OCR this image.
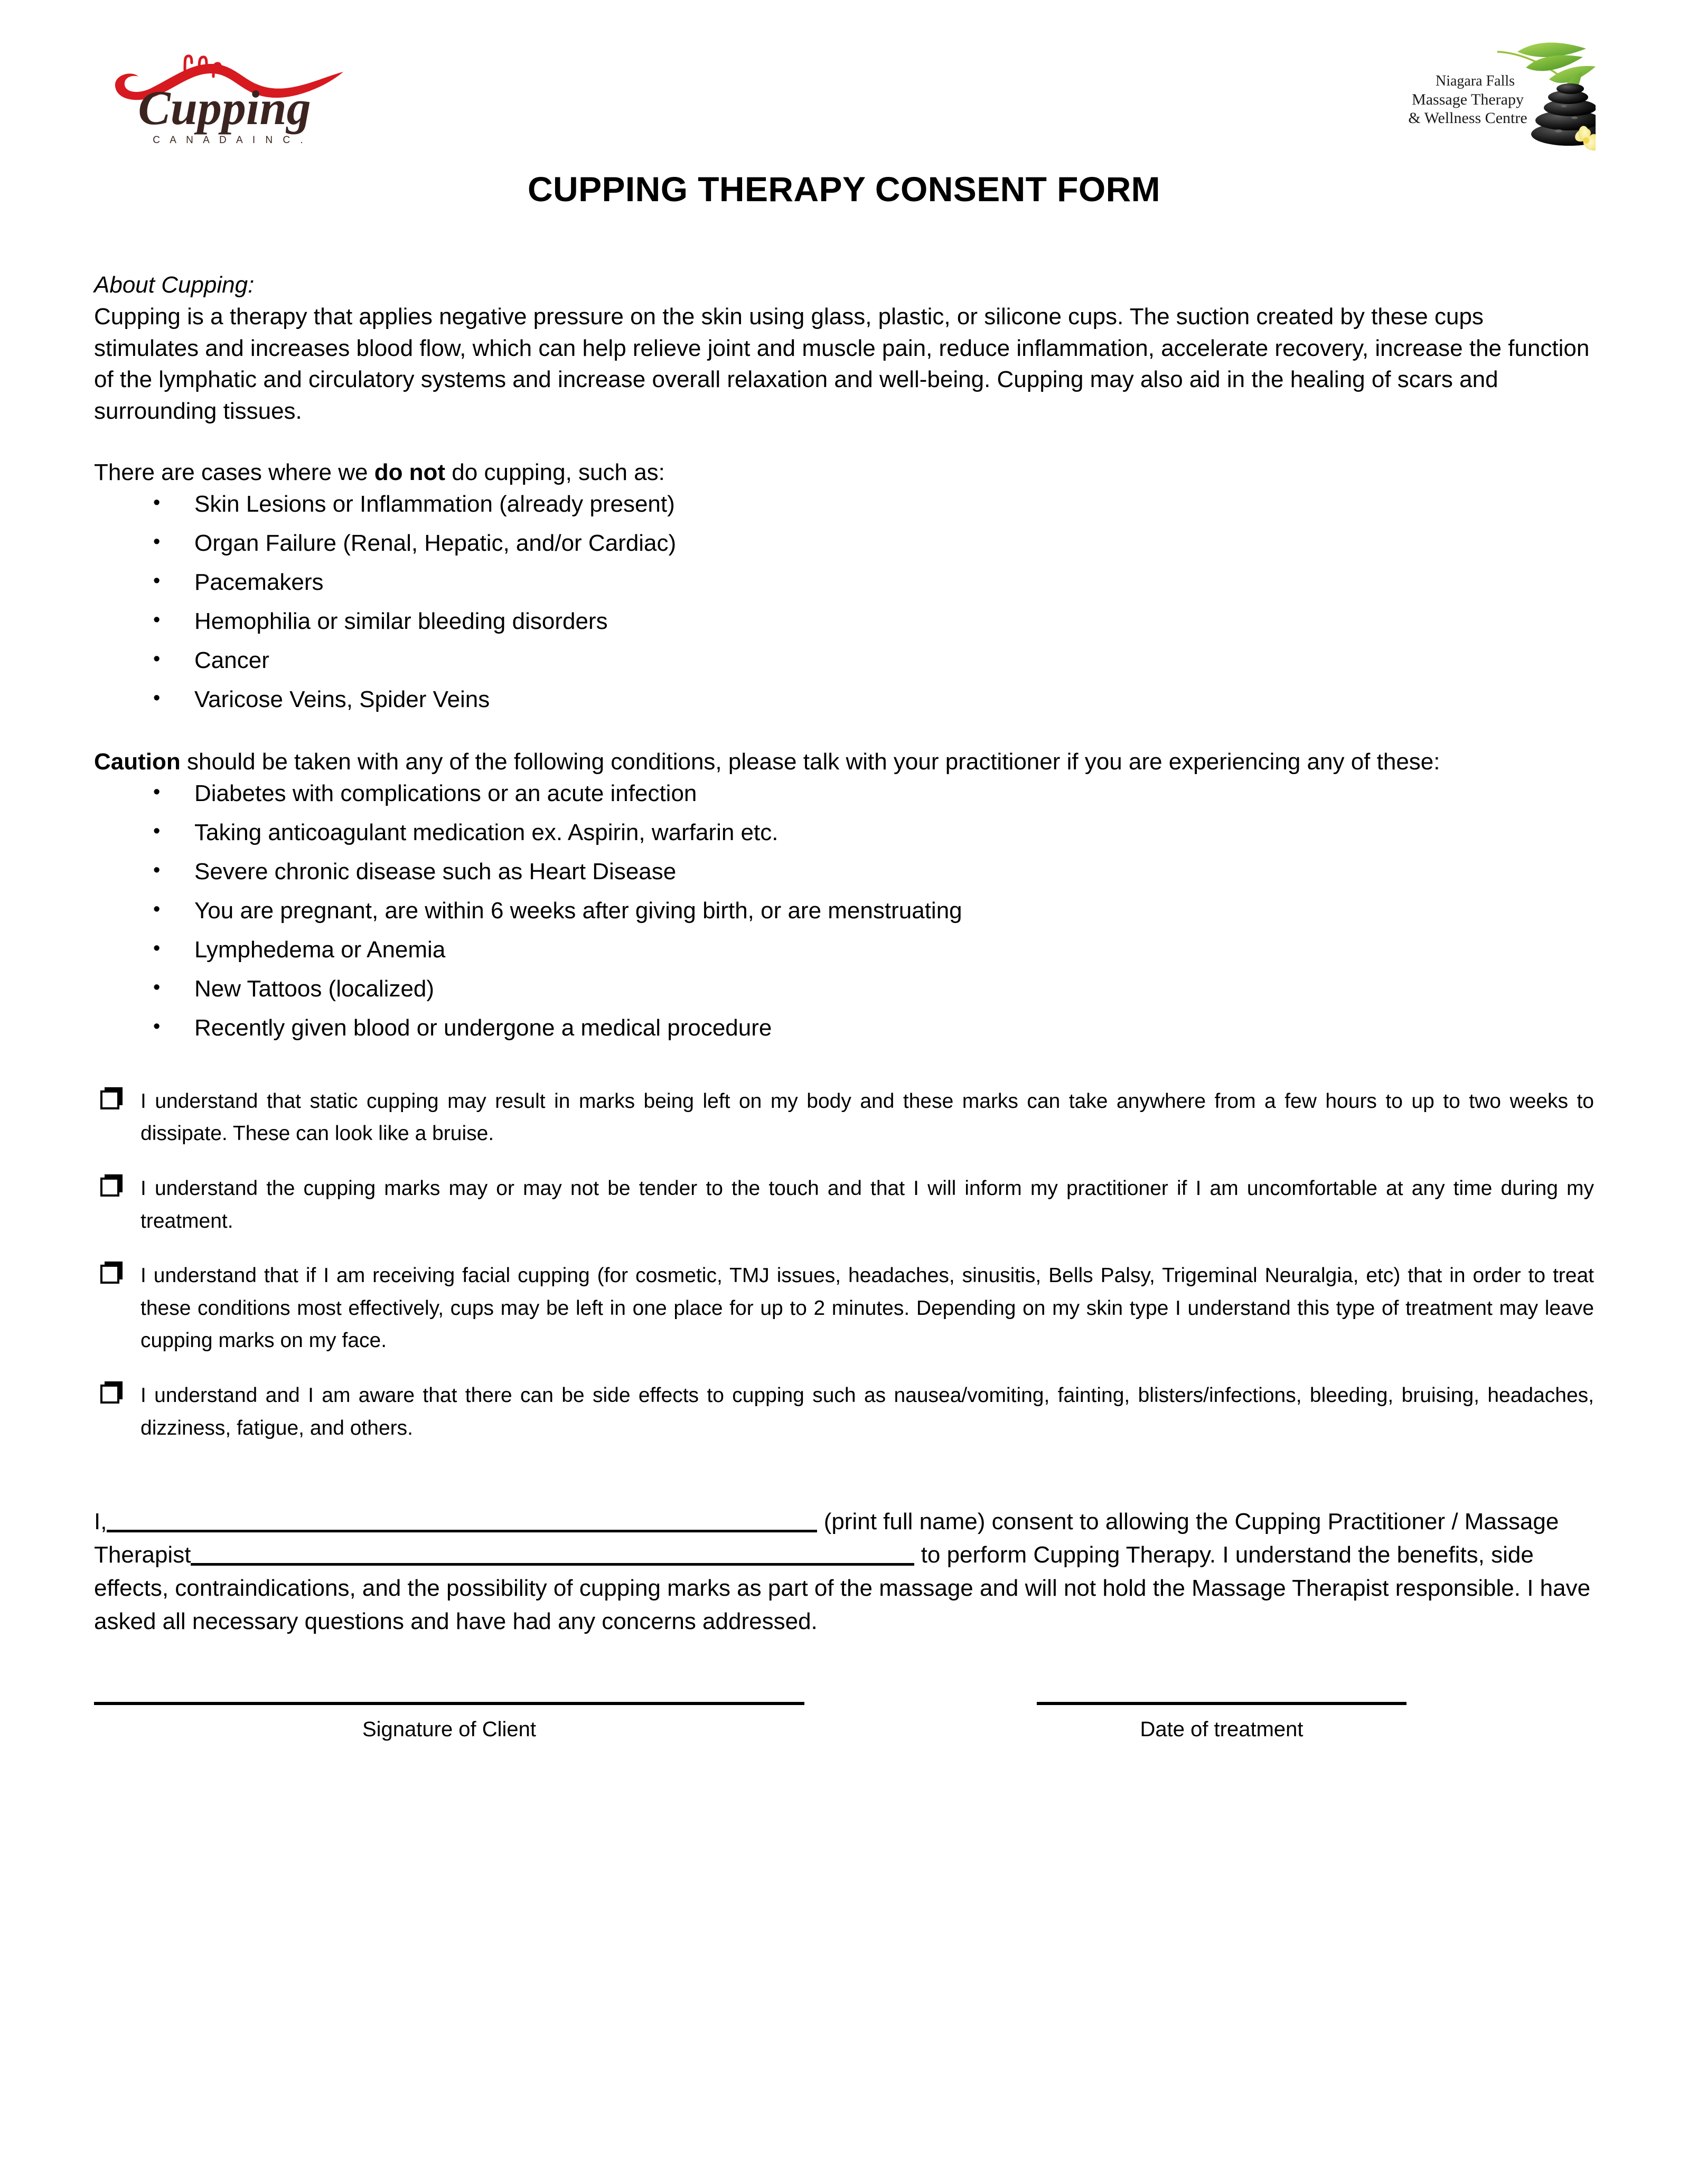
Cupping
C A N A D A I N C .
Niagara Falls
Massage Therapy
& Wellness Centre
CUPPING THERAPY CONSENT FORM
About Cupping:
Cupping is a therapy that applies negative pressure on the skin using glass, plastic, or silicone cups. The suction created by these cups stimulates and increases blood flow, which can help relieve joint and muscle pain, reduce inflammation, accelerate recovery, increase the function of the lymphatic and circulatory systems and increase overall relaxation and well-being. Cupping may also aid in the healing of scars and surrounding tissues.
There are cases where we do not do cupping, such as:
• Skin Lesions or Inflammation (already present)
• Organ Failure (Renal, Hepatic, and/or Cardiac)
• Pacemakers
• Hemophilia or similar bleeding disorders
• Cancer
• Varicose Veins, Spider Veins
Caution should be taken with any of the following conditions, please talk with your practitioner if you are experiencing any of these:
• Diabetes with complications or an acute infection
• Taking anticoagulant medication ex. Aspirin, warfarin etc.
• Severe chronic disease such as Heart Disease
• You are pregnant, are within 6 weeks after giving birth, or are menstruating
• Lymphedema or Anemia
• New Tattoos (localized)
• Recently given blood or undergone a medical procedure

I understand that static cupping may result in marks being left on my body and these marks can take anywhere from a few hours to up to two weeks to dissipate. These can look like a bruise.

I understand the cupping marks may or may not be tender to the touch and that I will inform my practitioner if I am uncomfortable at any time during my treatment.

I understand that if I am receiving facial cupping (for cosmetic, TMJ issues, headaches, sinusitis, Bells Palsy, Trigeminal Neuralgia, etc) that in order to treat these conditions most effectively, cups may be left in one place for up to 2 minutes. Depending on my skin type I understand this type of treatment may leave cupping marks on my face.

I understand and I am aware that there can be side effects to cupping such as nausea/vomiting, fainting, blisters/infections, bleeding, bruising, headaches, dizziness, fatigue, and others.

I,	(print full name) consent to allowing the Cupping Practitioner / Massage Therapist	to perform Cupping Therapy. I understand the benefits, side effects, contraindications, and the possibility of cupping marks as part of the massage and will not hold the Massage Therapist responsible. I have asked all necessary questions and have had any concerns addressed.
Signature of Client	Date of treatment
